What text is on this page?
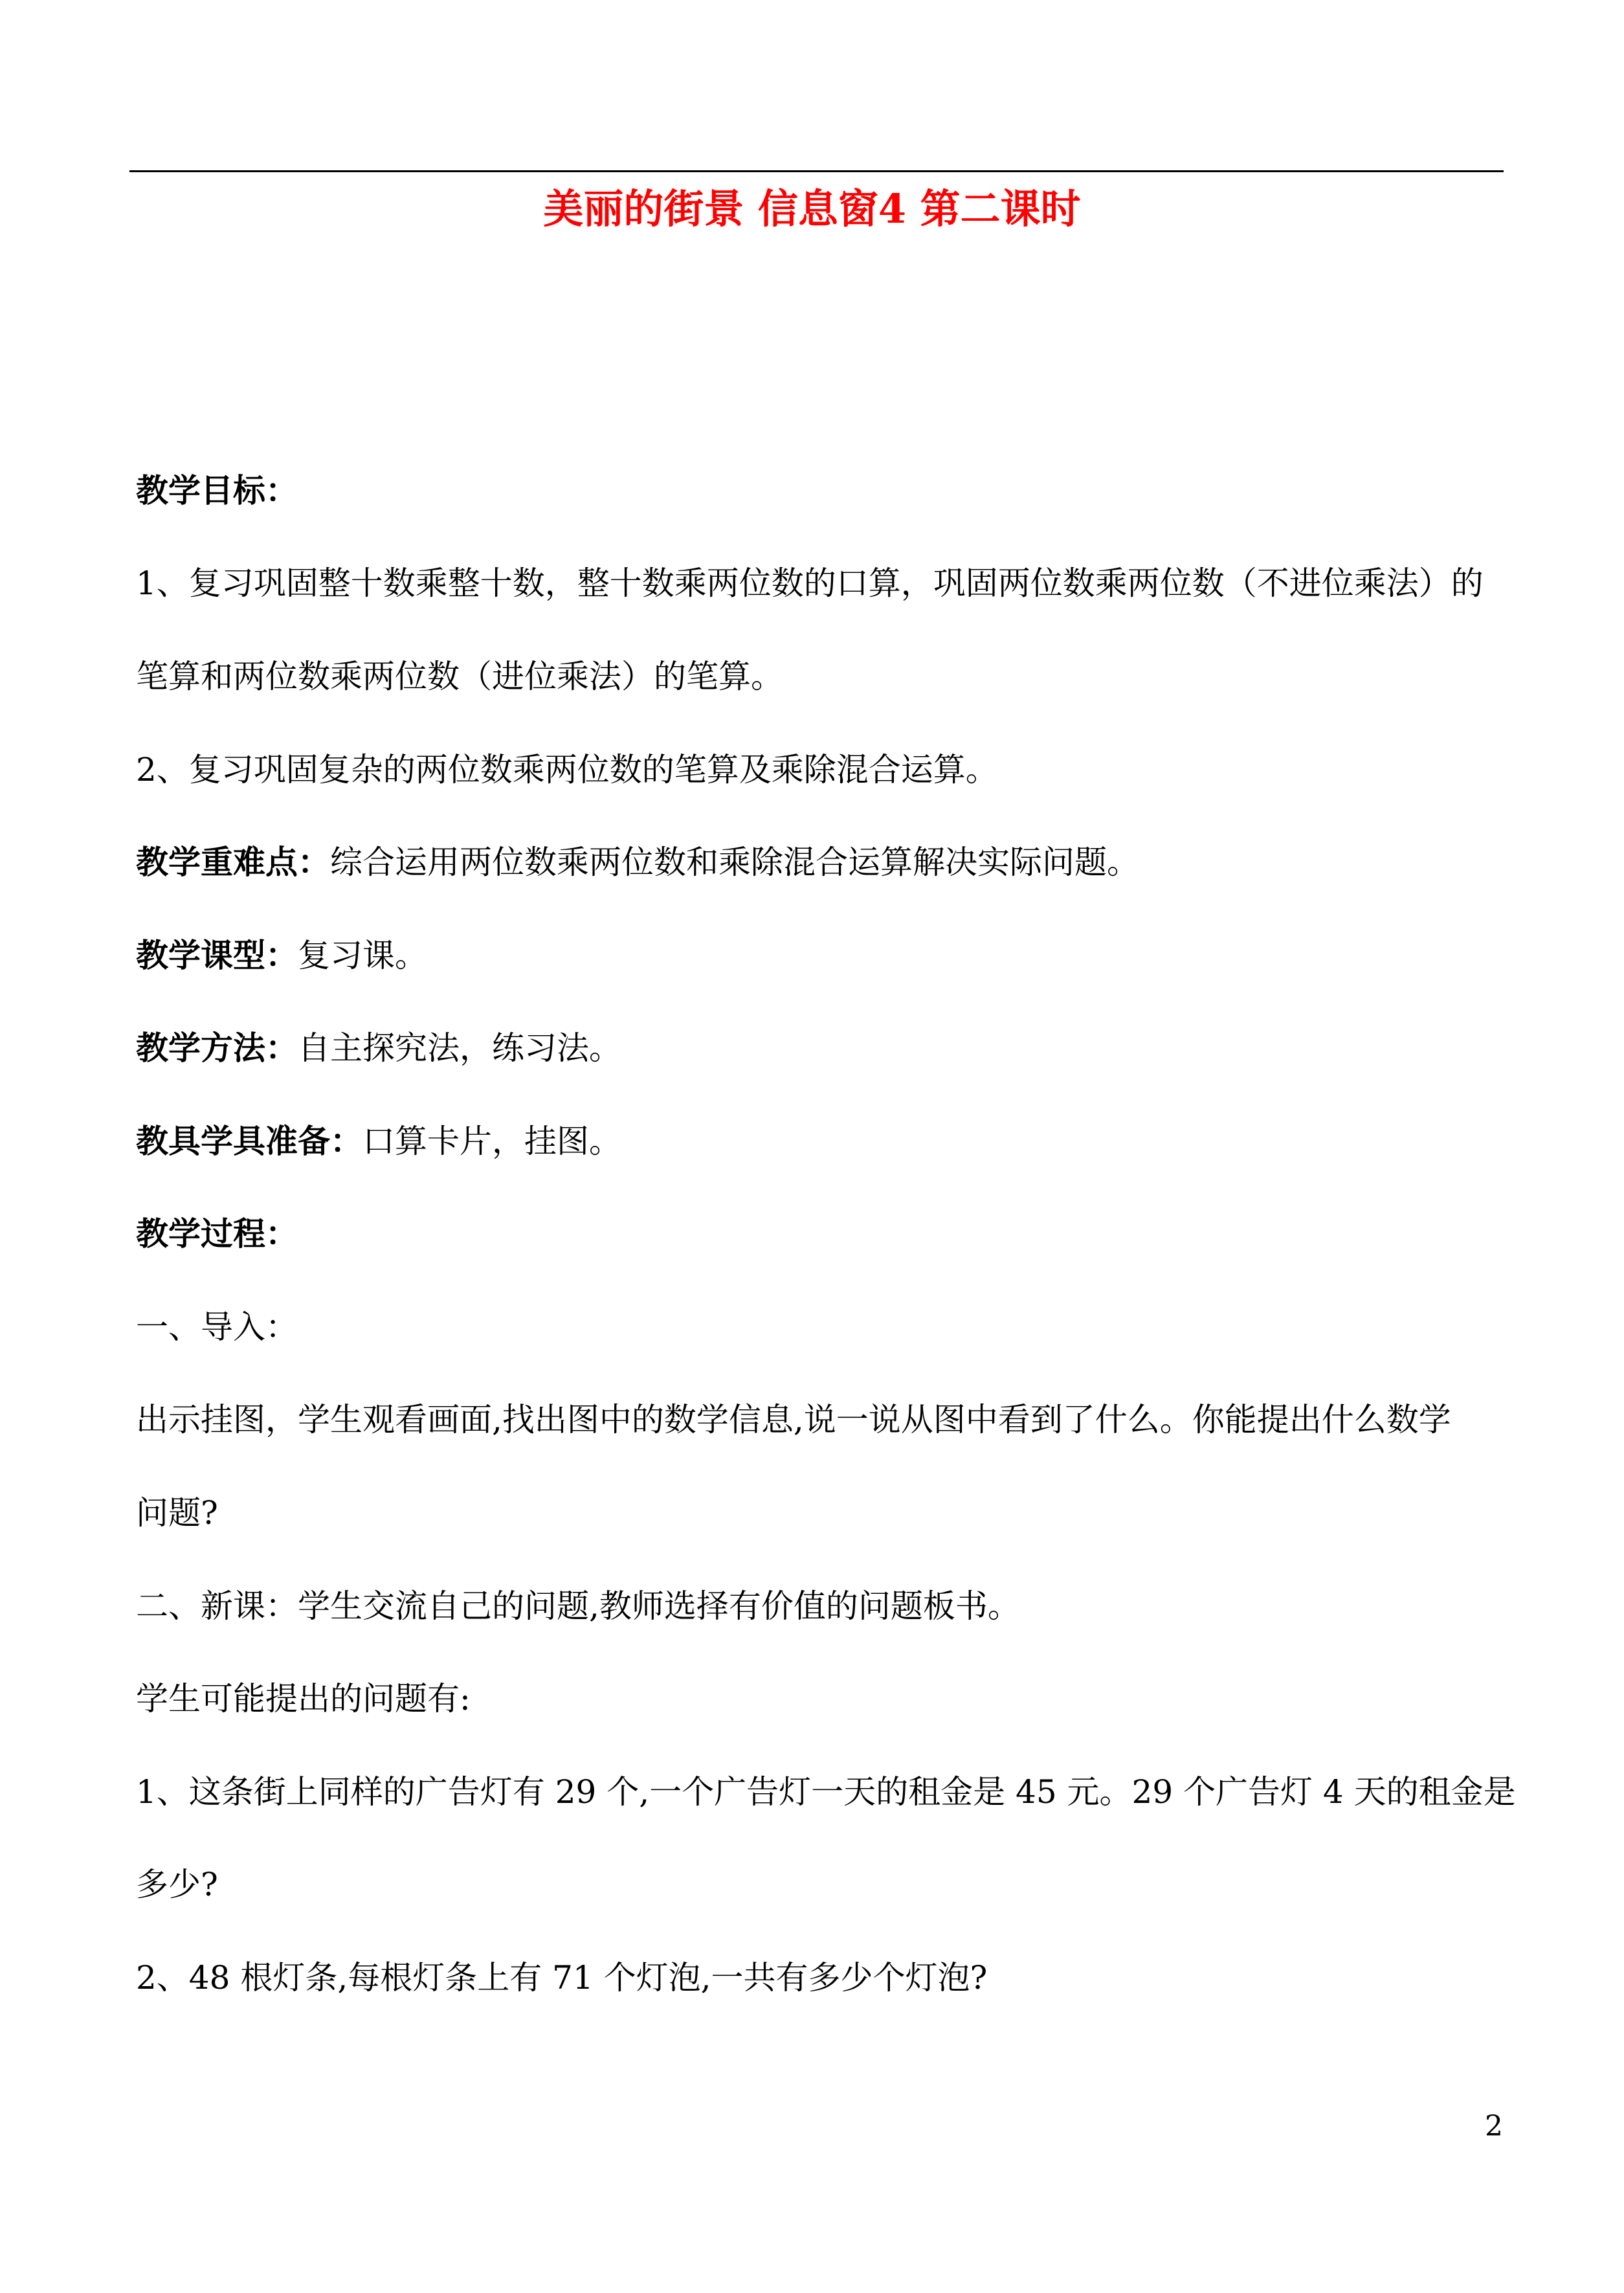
美丽的街景 信息窗4 第二课时
教学目标：
1、复习巩固整十数乘整十数，整十数乘两位数的口算，巩固两位数乘两位数（不进位乘法）的
笔算和两位数乘两位数（进位乘法）的笔算。
2、复习巩固复杂的两位数乘两位数的笔算及乘除混合运算。
教学重难点：综合运用两位数乘两位数和乘除混合运算解决实际问题。
教学课型：复习课。
教学方法：自主探究法，练习法。
教具学具准备：口算卡片，挂图。
教学过程：
一、导入：
出示挂图，学生观看画面,找出图中的数学信息,说一说从图中看到了什么。你能提出什么数学
问题?
二、新课：学生交流自己的问题,教师选择有价值的问题板书。
学生可能提出的问题有:
1、这条街上同样的广告灯有 29 个,一个广告灯一天的租金是 45 元。29 个广告灯 4 天的租金是
多少?
2、48 根灯条,每根灯条上有 71 个灯泡,一共有多少个灯泡?
2
